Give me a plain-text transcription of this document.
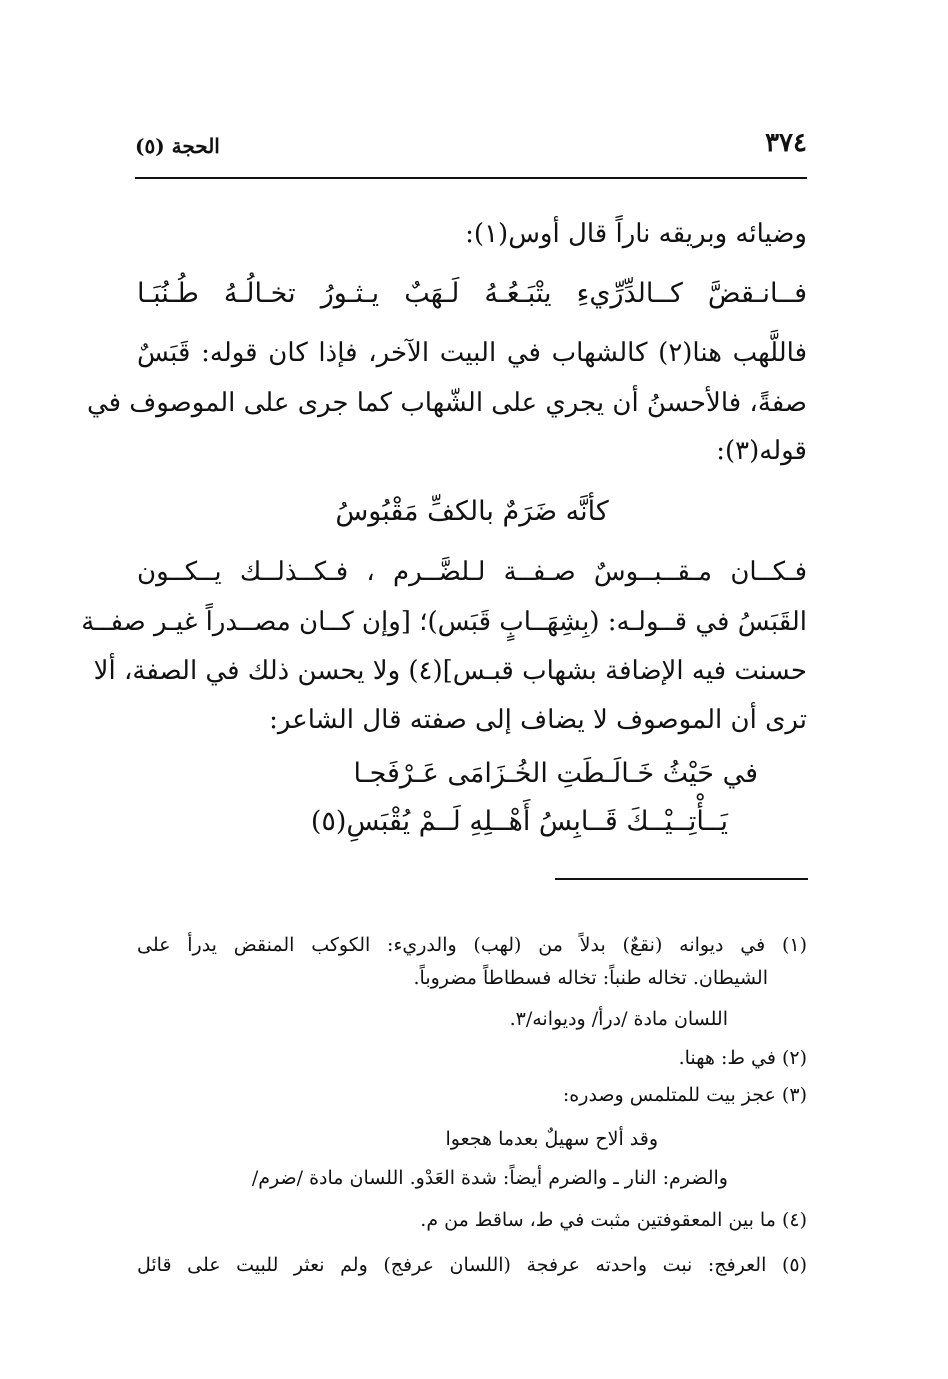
٣٧٤
الحجة (٥)
وضيائه وبريقه ناراً قال أوس(١):
فــانـقضَّ كــالدِّرِّيءِ يتْبَـعُـهُ لَـهَبٌ يـثـورُ تخـالُـهُ طُـنُبَـا
فاللَّهب هنا(٢) كالشهاب في البيت الآخر، فإذا كان قوله: قَبَسٌ
صفةً، فالأحسنُ أن يجري على الشّهاب كما جرى على الموصوف في
قوله(٣):
كأنَّه ضَرَمٌ بالكفِّ مَقْبُوسُ
فـكــان مـقــبــوسٌ صـفــة لـلضَّــرم ، فـكــذلــك يــكــون
القَبَسُ في قــولـه: (بِشِهَــابٍ قَبَس)؛ [وإن كــان مصــدراً غيـر صفــة
حسنت فيه الإضافة بشهاب قبـس](٤) ولا يحسن ذلك في الصفة، ألا
ترى أن الموصوف لا يضاف إلى صفته قال الشاعر:
في حَيْثُ خَـالَـطَتِ الخُـزَامَى عَـرْفَجـا
يَــأْتِــيْــكَ قَــابِسُ أَهْــلِهِ لَــمْ يُقْبَسِ(٥)
(١) في ديوانه (نقعٌ) بدلاً من (لهب) والدريء: الكوكب المنقض يدرأ على
الشيطان. تخاله طنباً: تخاله فسطاطاً مضروباً.
اللسان مادة /درأ/ وديوانه/٣.
(٢) في ط: ههنا.
(٣) عجز بيت للمتلمس وصدره:
وقد ألاح سهيلٌ بعدما هجعوا
والضرم: النار ـ والضرم أيضاً: شدة العَدْو. اللسان مادة /ضرم/
(٤) ما بين المعقوفتين مثبت في ط، ساقط من م.
(٥) العرفج: نبت واحدته عرفجة (اللسان عرفج) ولم نعثر للبيت على قائل
